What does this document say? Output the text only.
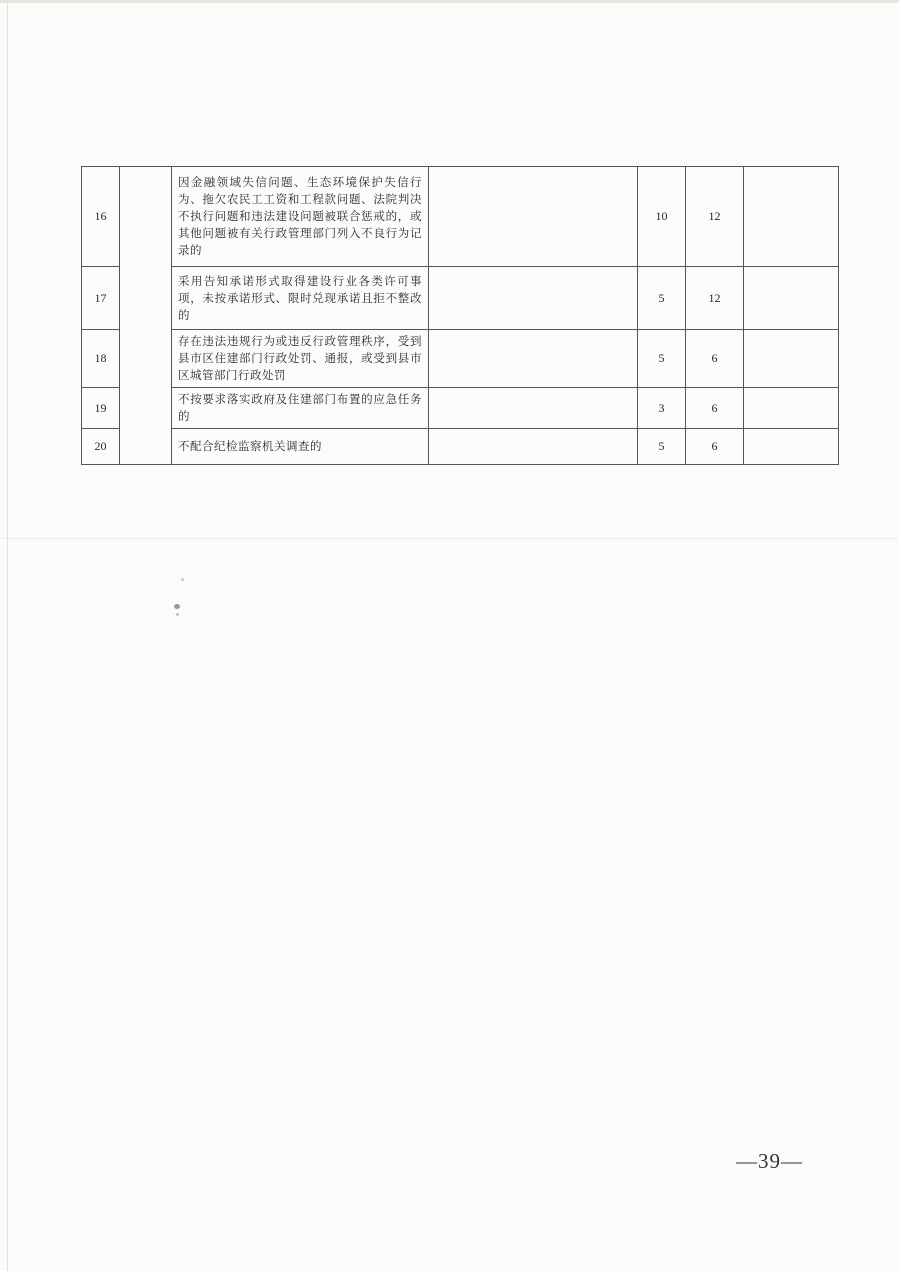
16		因金融领域失信问题、生态环境保护失信行为、拖欠农民工工资和工程款问题、法院判决不执行问题和违法建设问题被联合惩戒的，或其他问题被有关行政管理部门列入不良行为记录的		10	12	
17		采用告知承诺形式取得建设行业各类许可事项，未按承诺形式、限时兑现承诺且拒不整改的		5	12	
18		存在违法违规行为或违反行政管理秩序，受到县市区住建部门行政处罚、通报，或受到县市区城管部门行政处罚		5	6	
19		不按要求落实政府及住建部门布置的应急任务的		3	6	
20		不配合纪检监察机关调查的		5	6	
—39—
